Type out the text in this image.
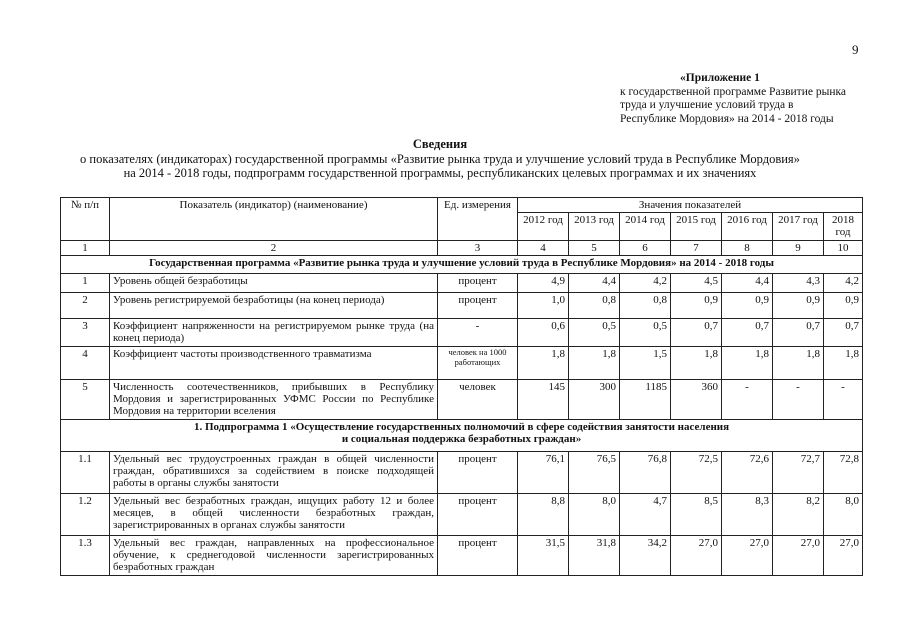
9
«Приложение 1
к государственной программе Развитие рынка
труда и улучшение условий труда в
Республике Мордовия» на 2014 - 2018 годы
Сведения
о показателях (индикаторах) государственной программы «Развитие рынка труда и улучшение условий труда в Республике Мордовия»
на 2014 - 2018 годы, подпрограмм государственной программы, республиканских целевых программах и их значениях
№ п/п	Показатель (индикатор) (наименование)	Ед. измерения	Значения показателей						
			2012 год	2013 год	2014 год	2015 год	2016 год	2017 год	2018 год
1	2	3	4	5	6	7	8	9	10
Государственная программа «Развитие рынка труда и улучшение условий труда в Республике Мордовия» на 2014 - 2018 годы									
1	Уровень общей безработицы	процент	4,9	4,4	4,2	4,5	4,4	4,3	4,2
2	Уровень регистрируемой безработицы (на конец периода)	процент	1,0	0,8	0,8	0,9	0,9	0,9	0,9
3	Коэффициент напряженности на регистрируемом рынке труда (на конец периода)	-	0,6	0,5	0,5	0,7	0,7	0,7	0,7
4	Коэффициент частоты производственного травматизма	человек на 1000 работающих	1,8	1,8	1,5	1,8	1,8	1,8	1,8
5	Численность соотечественников, прибывших в Республику Мордовия и зарегистрированных УФМС России по Республике Мордовия на территории вселения	человек	145	300	1185	360	-	-	-

1. Подпрограмма 1 «Осуществление государственных полномочий в сфере содействия занятости населения
и социальная поддержка безработных граждан»									

1.1	Удельный вес трудоустроенных граждан в общей численности граждан, обратившихся за содействием в поиске подходящей работы в органы службы занятости	процент	76,1	76,5	76,8	72,5	72,6	72,7	72,8
1.2	Удельный вес безработных граждан, ищущих работу 12 и более месяцев, в общей численности безработных граждан, зарегистрированных в органах службы занятости	процент	8,8	8,0	4,7	8,5	8,3	8,2	8,0
1.3	Удельный вес граждан, направленных на профессиональное обучение, к среднегодовой численности зарегистрированных безработных граждан	процент	31,5	31,8	34,2	27,0	27,0	27,0	27,0
